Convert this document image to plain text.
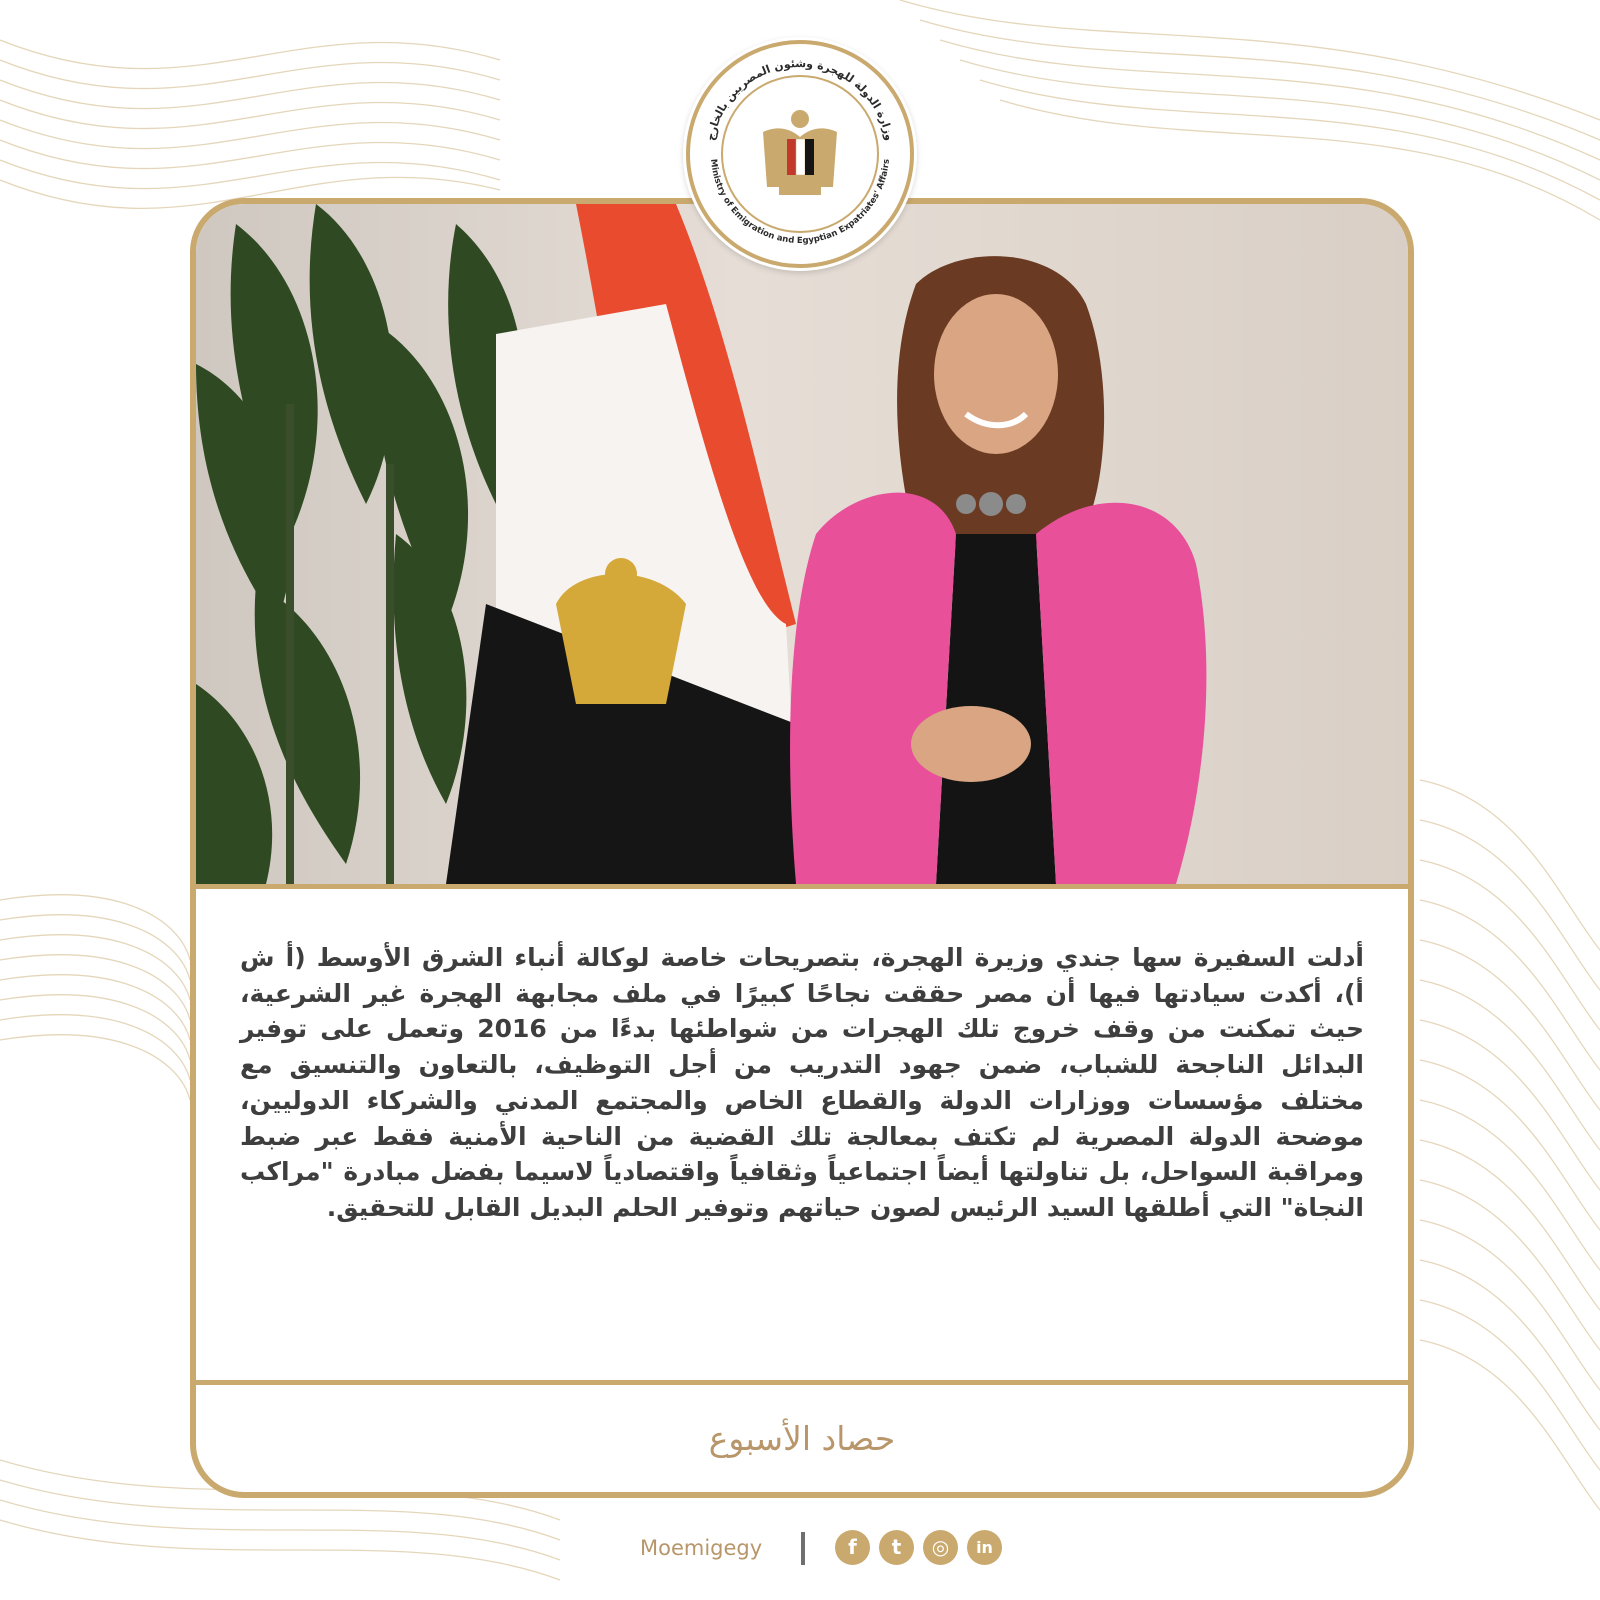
أدلت السفيرة سها جندي وزيرة الهجرة، بتصريحات خاصة لوكالة أنباء الشرق الأوسط (أ ش أ)، أكدت سيادتها فيها أن مصر حققت نجاحًا كبيرًا في ملف مجابهة الهجرة غير الشرعية، حيث تمكنت من وقف خروج تلك الهجرات من شواطئها بدءًا من 2016 وتعمل على توفير البدائل الناجحة للشباب، ضمن جهود التدريب من أجل التوظيف، بالتعاون والتنسيق مع مختلف مؤسسات ووزارات الدولة والقطاع الخاص والمجتمع المدني والشركاء الدوليين، موضحة الدولة المصرية لم تكتف بمعالجة تلك القضية من الناحية الأمنية فقط عبر ضبط ومراقبة السواحل، بل تناولتها أيضاً اجتماعياً وثقافياً واقتصادياً لاسيما بفضل مبادرة "مراكب النجاة" التي أطلقها السيد الرئيس لصون حياتهم وتوفير الحلم البديل القابل للتحقيق.

حصاد الأسبوع
وزارة الدولة للهجرة وشئون المصريين بالخارج
Ministry of Emigration and Egyptian Expatriates' Affairs
Moemigegy	f	t	◎	in
